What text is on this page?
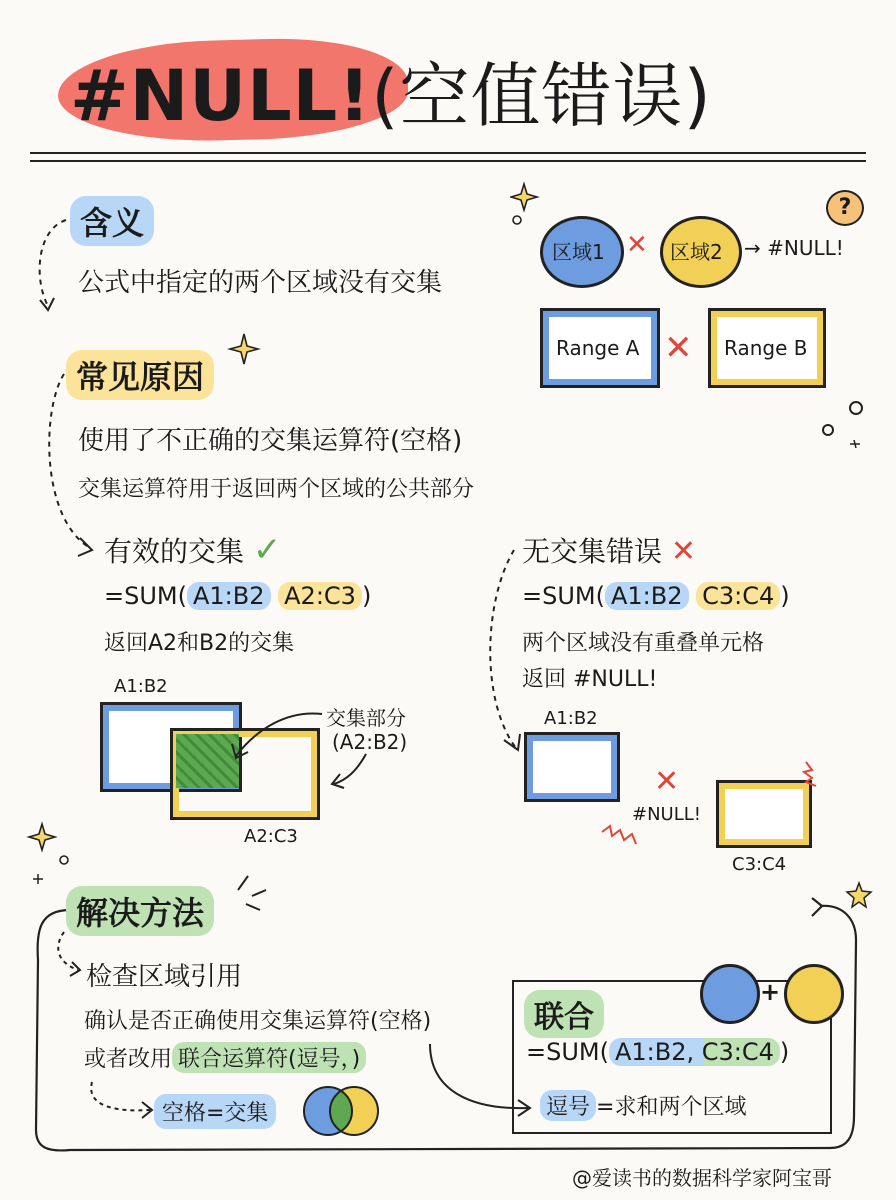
#NULL!(空值错误)
含义
公式中指定的两个区域没有交集
区域1 ✕ 区域2 → #NULL!
?
Range A ✕ Range B
常见原因
使用了不正确的交集运算符(空格)
交集运算符用于返回两个区域的公共部分
有效的交集 ✓
=SUM( A1:B2 A2:C3 )
返回A2和B2的交集
A1:B2
A2:C3
交集部分
(A2:B2)
无交集错误 ✕
=SUM( A1:B2 C3:C4 )
两个区域没有重叠单元格
返回 #NULL!
A1:B2
✕
#NULL!
C3:C4
解决方法
检查区域引用
确认是否正确使用交集运算符(空格)
或者改用 联合运算符(逗号，)
空格=交集
联合
+
=SUM( A1:B2, C3:C4 )
逗号 =求和两个区域
@爱读书的数据科学家阿宝哥
